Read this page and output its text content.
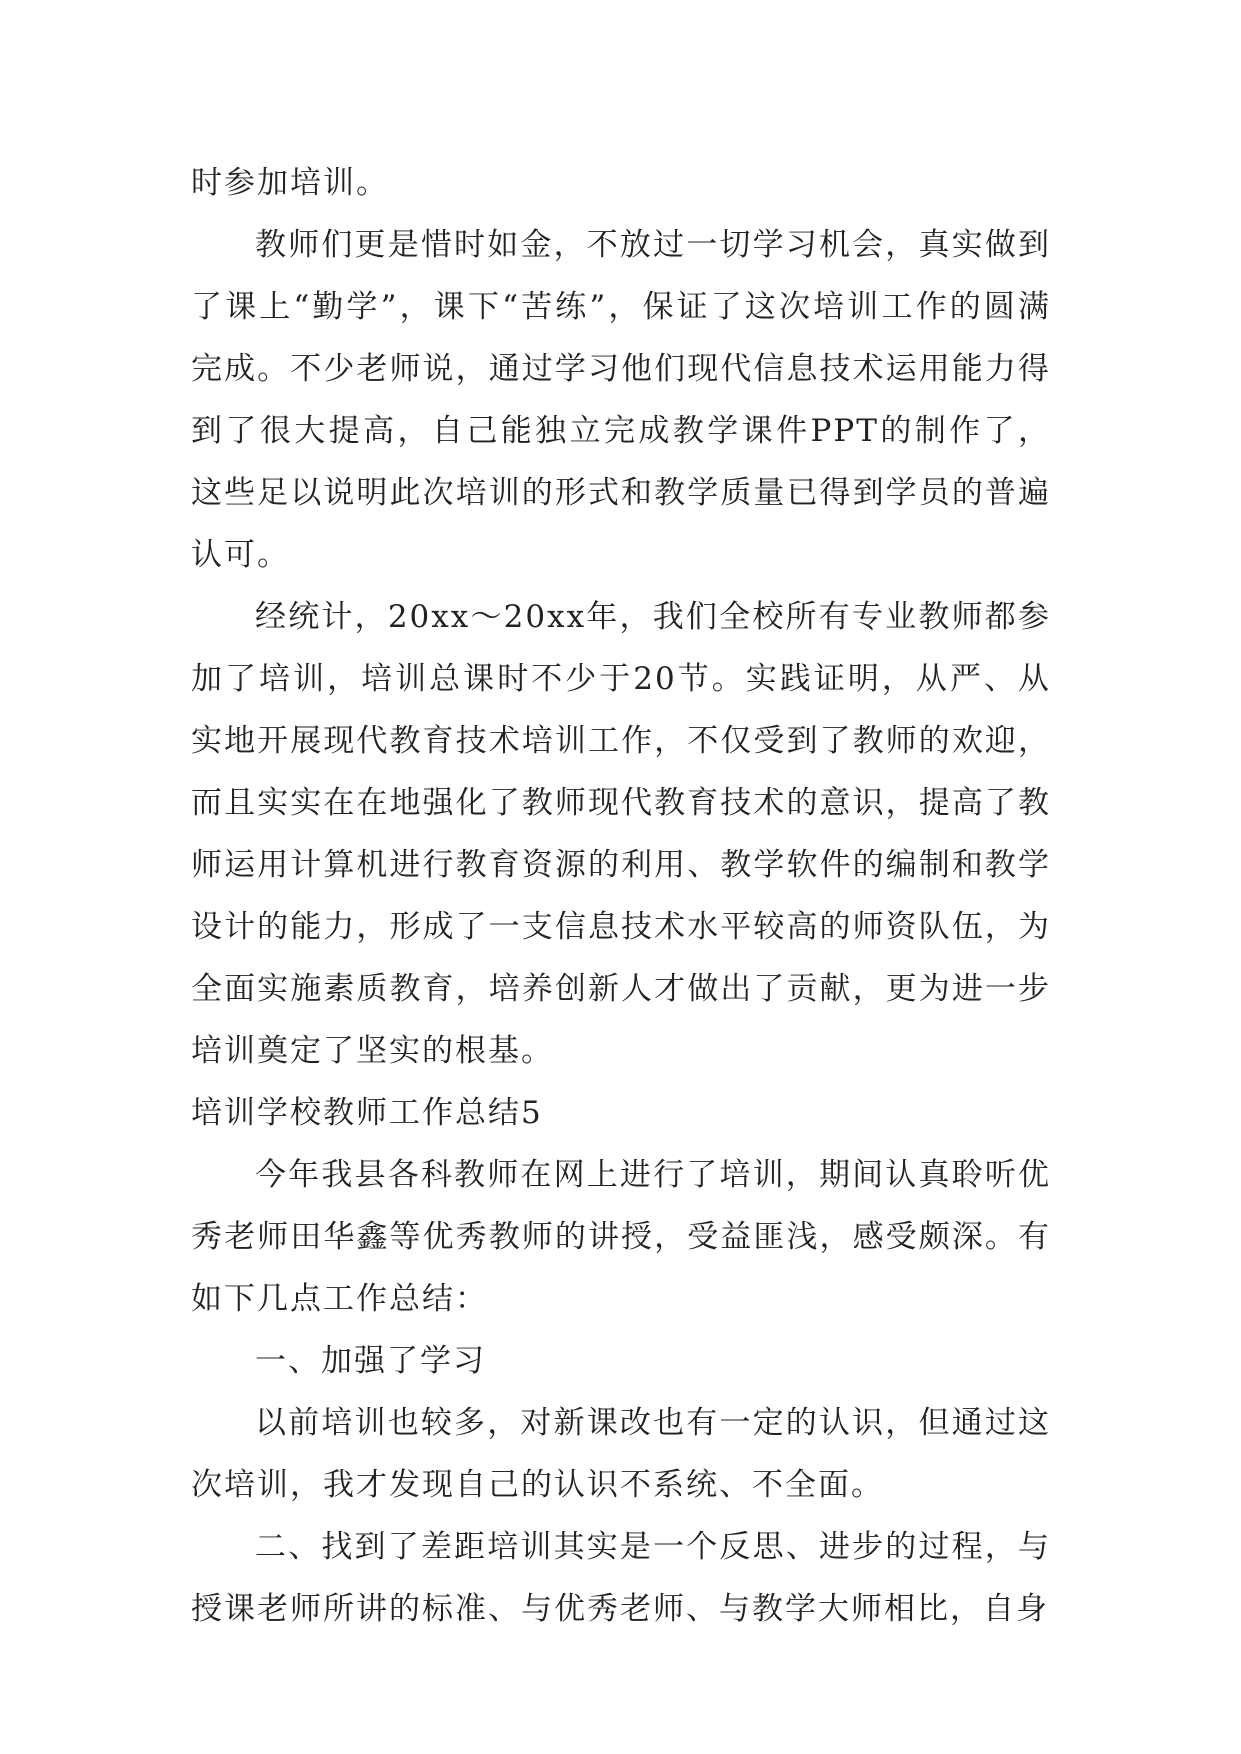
时参加培训。

教师们更是惜时如金，不放过一切学习机会，真实做到了课上“勤学”，课下“苦练”，保证了这次培训工作的圆满完成。不少老师说，通过学习他们现代信息技术运用能力得到了很大提高，自己能独立完成教学课件PPT的制作了，这些足以说明此次培训的形式和教学质量已得到学员的普遍认可。

经统计，20xx～20xx年，我们全校所有专业教师都参加了培训，培训总课时不少于20节。实践证明，从严、从实地开展现代教育技术培训工作，不仅受到了教师的欢迎，而且实实在在地强化了教师现代教育技术的意识，提高了教师运用计算机进行教育资源的利用、教学软件的编制和教学设计的能力，形成了一支信息技术水平较高的师资队伍，为全面实施素质教育，培养创新人才做出了贡献，更为进一步培训奠定了坚实的根基。

培训学校教师工作总结5

今年我县各科教师在网上进行了培训，期间认真聆听优秀老师田华鑫等优秀教师的讲授，受益匪浅，感受颇深。有如下几点工作总结：

一、加强了学习

以前培训也较多，对新课改也有一定的认识，但通过这次培训，我才发现自己的认识不系统、不全面。

二、找到了差距培训其实是一个反思、进步的过程，与授课老师所讲的标准、与优秀老师、与教学大师相比，自身
